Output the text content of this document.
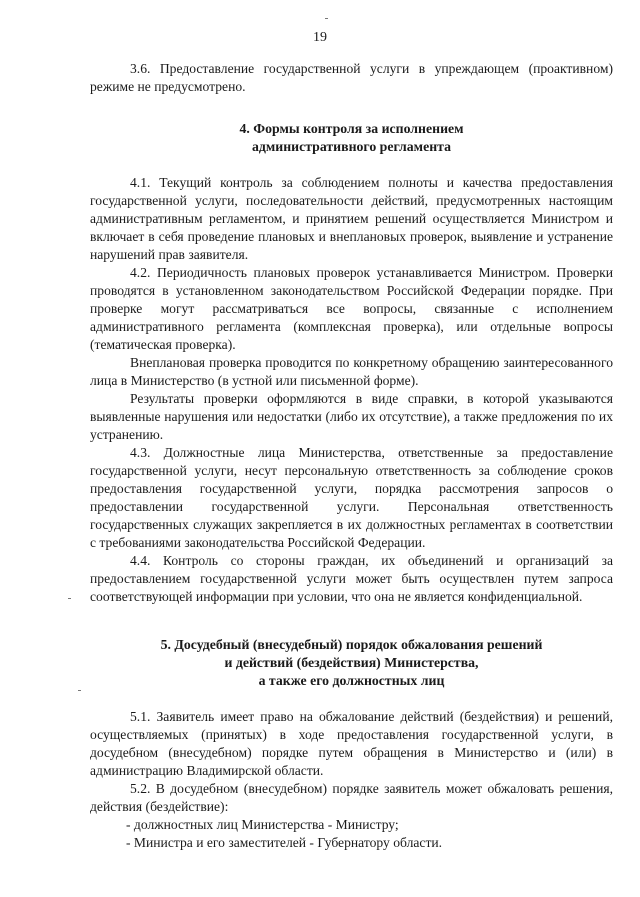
19

3.6. Предоставление государственной услуги в упреждающем (проактивном) режиме не предусмотрено.

4. Формы контроля за исполнением
административного регламента

4.1. Текущий контроль за соблюдением полноты и качества предоставления государственной услуги, последовательности действий, предусмотренных настоящим административным регламентом, и принятием решений осуществляется Министром и включает в себя проведение плановых и внеплановых проверок, выявление и устранение нарушений прав заявителя.

4.2. Периодичность плановых проверок устанавливается Министром. Проверки проводятся в установленном законодательством Российской Федерации порядке. При проверке могут рассматриваться все вопросы, связанные с исполнением административного регламента (комплексная проверка), или отдельные вопросы (тематическая проверка).

Внеплановая проверка проводится по конкретному обращению заинтересованного лица в Министерство (в устной или письменной форме).

Результаты проверки оформляются в виде справки, в которой указываются выявленные нарушения или недостатки (либо их отсутствие), а также предложения по их устранению.

4.3. Должностные лица Министерства, ответственные за предоставление государственной услуги, несут персональную ответственность за соблюдение сроков предоставления государственной услуги, порядка рассмотрения запросов о предоставлении государственной услуги. Персональная ответственность государственных служащих закрепляется в их должностных регламентах в соответствии с требованиями законодательства Российской Федерации.

4.4. Контроль со стороны граждан, их объединений и организаций за предоставлением государственной услуги может быть осуществлен путем запроса соответствующей информации при условии, что она не является конфиденциальной.

5. Досудебный (внесудебный) порядок обжалования решений
и действий (бездействия) Министерства,
а также его должностных лиц

5.1. Заявитель имеет право на обжалование действий (бездействия) и решений, осуществляемых (принятых) в ходе предоставления государственной услуги, в досудебном (внесудебном) порядке путем обращения в Министерство и (или) в администрацию Владимирской области.

5.2. В досудебном (внесудебном) порядке заявитель может обжаловать решения, действия (бездействие):

- должностных лиц Министерства - Министру;

- Министра и его заместителей - Губернатору области.
